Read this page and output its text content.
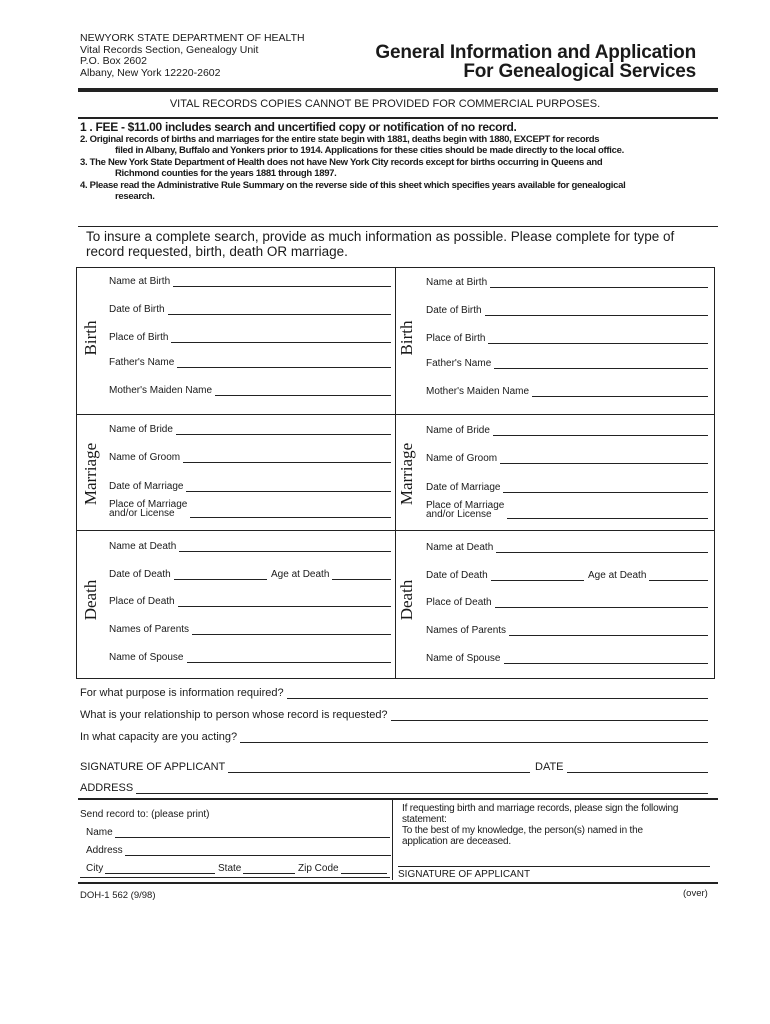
NEWYORK STATE DEPARTMENT OF HEALTH
Vital Records Section, Genealogy Unit
P.O. Box 2602
Albany, New York 12220-2602
General Information and Application
For Genealogical Services
VITAL RECORDS COPIES CANNOT BE PROVIDED FOR COMMERCIAL PURPOSES.
1 . FEE - $11.00 includes search and uncertified copy or notification of no record.
2. Original records of births and marriages for the entire state begin with 1881, deaths begin with 1880, EXCEPT for records
filed in Albany, Buffalo and Yonkers prior to 1914. Applications for these cities should be made directly to the local office.
3. The New York State Department of Health does not have New York City records except for births occurring in Queens and
Richmond counties for the years 1881 through 1897.
4. Please read the Administrative Rule Summary on the reverse side of this sheet which specifies years available for genealogical
research.
To insure a complete search, provide as much information as possible. Please complete for type of record requested, birth, death OR marriage.
Birth
Marriage
Death
Name at Birth
Date of Birth
Place of Birth
Father's Name
Mother's Maiden Name
Name of Bride
Name of Groom
Date of Marriage
Place of Marriage
and/or License
Name at Death
Date of Death	Age at Death
Place of Death
Names of Parents
Name of Spouse
Birth
Marriage
Death
Name at Birth
Date of Birth
Place of Birth
Father's Name
Mother's Maiden Name
Name of Bride
Name of Groom
Date of Marriage
Place of Marriage
and/or License
Name at Death
Date of Death	Age at Death
Place of Death
Names of Parents
Name of Spouse
For what purpose is information required?
What is your relationship to person whose record is requested?
In what capacity are you acting?
SIGNATURE OF APPLICANT	DATE
ADDRESS
Send record to: (please print)
Name
Address
City	State	Zip Code
If requesting birth and marriage records, please sign the following
statement:
To the best of my knowledge, the person(s) named in the
application are deceased.
SIGNATURE OF APPLICANT
DOH-1 562 (9/98)	(over)
